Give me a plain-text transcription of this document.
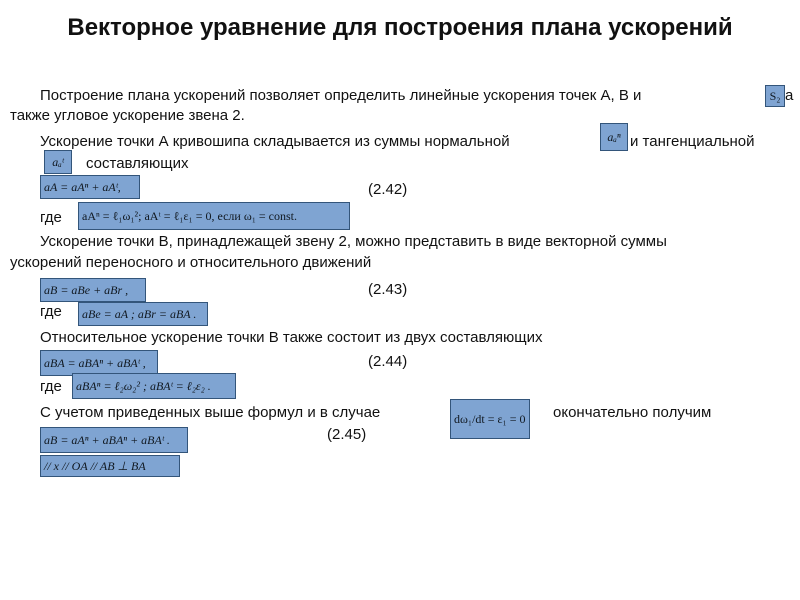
Векторное уравнение для построения плана ускорений
Построение плана ускорений позволяет определить линейные ускорения точек А, В и	S₂ а
также угловое ускорение звена 2.
Ускорение точки А кривошипа складывается из суммы нормальной	aₐⁿ и тангенциальной
aₐᵗ	составляющих
aA = aAⁿ + aAᵗ,	(2.42)
где	aAⁿ = ℓ₁ω₁²; aAᵗ = ℓ₁ε₁ = 0, если ω₁ = const.
Ускорение точки В, принадлежащей звену 2, можно представить в виде векторной суммы
ускорений переносного и относительного движений
aB = aBe + aBr ,	(2.43)
где	aBe = aA ; aBr = aBA .
Относительное ускорение точки В также состоит из двух составляющих
aBA = aBAⁿ + aBAᵗ ,	(2.44)
где	aBAⁿ = ℓ₂ω₂² ; aBAᵗ = ℓ₂ε₂ .
С учетом приведенных выше формул и в случае	dω₁/dt = ε₁ = 0 окончательно получим
aB = aAⁿ + aBAⁿ + aBAᵗ .	(2.45)
// x // OA // AB ⊥ BA
